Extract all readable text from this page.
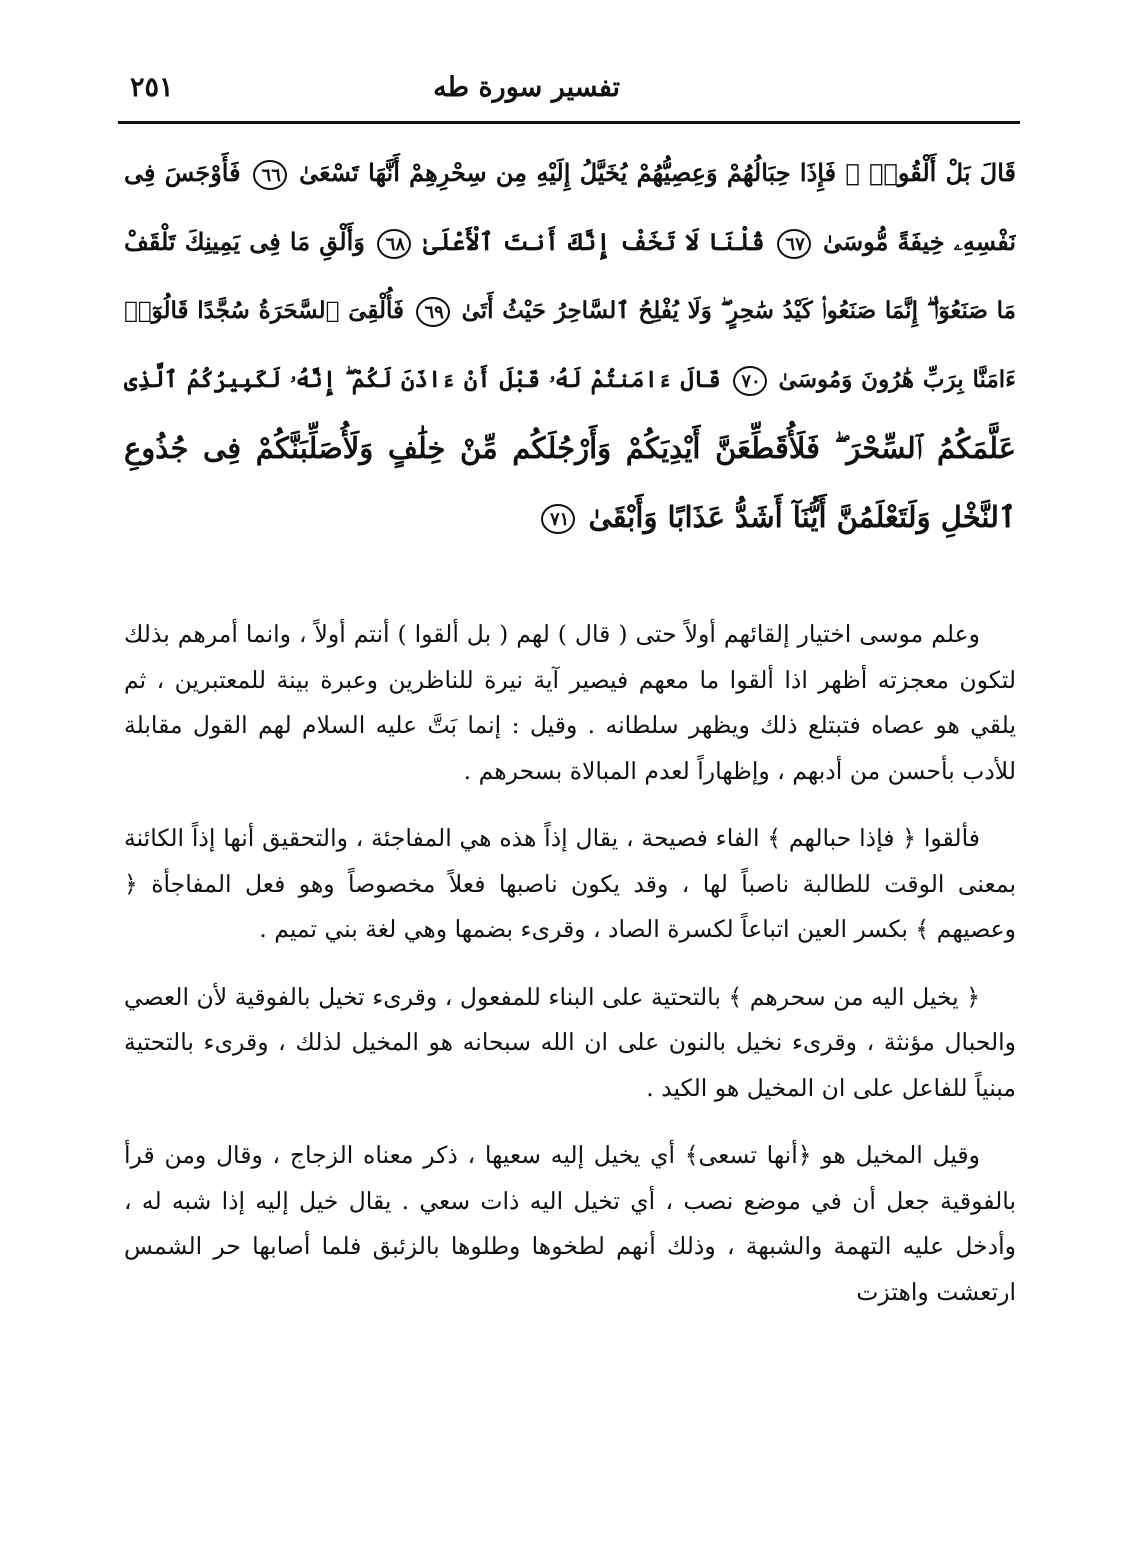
تفسير سورة طه
٢٥١
قَالَ بَلْ أَلْقُوا۟ ۖ فَإِذَا حِبَالُهُمْ وَعِصِيُّهُمْ يُخَيَّلُ إِلَيْهِ مِن سِحْرِهِمْ أَنَّهَا تَسْعَىٰ ٦٦ فَأَوْجَسَ فِى
نَفْسِهِۦ خِيفَةً مُّوسَىٰ ٦٧ قُلْنَا لَا تَخَفْ إِنَّكَ أَنتَ ٱلْأَعْلَىٰ ٦٨ وَأَلْقِ مَا فِى يَمِينِكَ تَلْقَفْ
مَا صَنَعُوٓا۟ ۖ إِنَّمَا صَنَعُوا۟ كَيْدُ سَٰحِرٍ ۖ وَلَا يُفْلِحُ ٱلسَّاحِرُ حَيْثُ أَتَىٰ ٦٩ فَأُلْقِىَ ٱلسَّحَرَةُ سُجَّدًا قَالُوٓا۟
ءَامَنَّا بِرَبِّ هَٰرُونَ وَمُوسَىٰ ٧٠ قَالَ ءَامَنتُمْ لَهُۥ قَبْلَ أَنْ ءَاذَنَ لَكُمْ ۖ إِنَّهُۥ لَكَبِيرُكُمُ ٱلَّذِى
عَلَّمَكُمُ ٱلسِّحْرَ ۖ فَلَأُقَطِّعَنَّ أَيْدِيَكُمْ وَأَرْجُلَكُم مِّنْ خِلَٰفٍ وَلَأُصَلِّبَنَّكُمْ فِى جُذُوعِ
ٱلنَّخْلِ وَلَتَعْلَمُنَّ أَيُّنَآ أَشَدُّ عَذَابًا وَأَبْقَىٰ ٧١

وعلم موسى اختيار إلقائهم أولاً حتى ( قال ) لهم ( بل ألقوا ) أنتم أولاً ، وانما أمرهم بذلك لتكون معجزته أظهر اذا ألقوا ما معهم فيصير آية نيرة للناظرين وعبرة بينة للمعتبرين ، ثم يلقي هو عصاه فتبتلع ذلك ويظهر سلطانه . وقيل : إنما بَتَّ عليه السلام لهم القول مقابلة للأدب بأحسن من أدبهم ، وإظهاراً لعدم المبالاة بسحرهم .

فألقوا ﴿ فإذا حبالهم ﴾ الفاء فصيحة ، يقال إذاً هذه هي المفاجئة ، والتحقيق أنها إذاً الكائنة بمعنى الوقت للطالبة ناصباً لها ، وقد يكون ناصبها فعلاً مخصوصاً وهو فعل المفاجأة ﴿ وعصيهم ﴾ بكسر العين اتباعاً لكسرة الصاد ، وقرىء بضمها وهي لغة بني تميم .

﴿ يخيل اليه من سحرهم ﴾ بالتحتية على البناء للمفعول ، وقرىء تخيل بالفوقية لأن العصي والحبال مؤنثة ، وقرىء نخيل بالنون على ان الله سبحانه هو المخيل لذلك ، وقرىء بالتحتية مبنياً للفاعل على ان المخيل هو الكيد .

وقيل المخيل هو ﴿أنها تسعى﴾ أي يخيل إليه سعيها ، ذكر معناه الزجاج ، وقال ومن قرأ بالفوقية جعل أن في موضع نصب ، أي تخيل اليه ذات سعي . يقال خيل إليه إذا شبه له ، وأدخل عليه التهمة والشبهة ، وذلك أنهم لطخوها وطلوها بالزئبق فلما أصابها حر الشمس ارتعشت واهتزت
